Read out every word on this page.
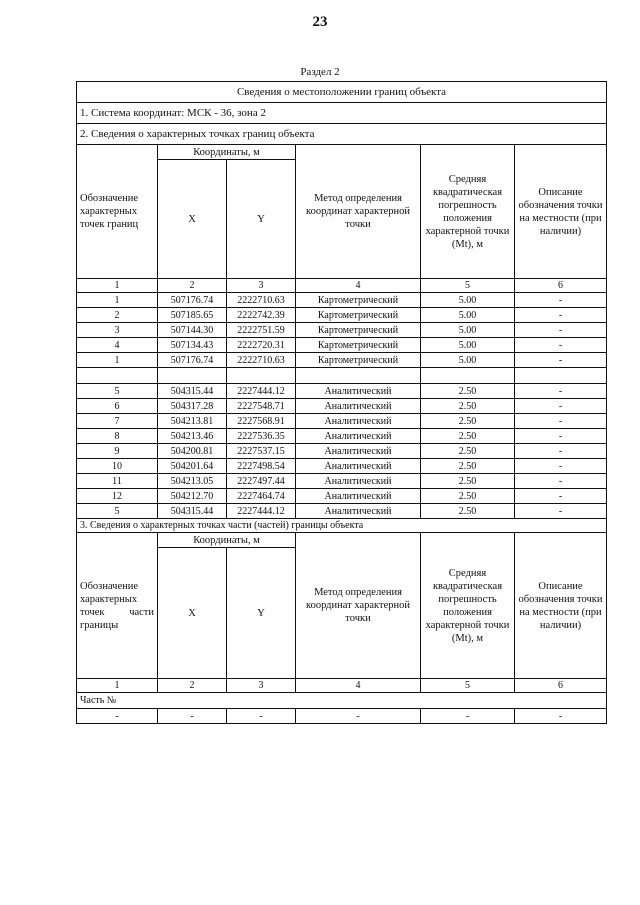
23
Раздел 2
Сведения о местоположении границ объекта					
1. Система координат: МСК - 36, зона 2					
2. Сведения о характерных точках границ объекта					
Обозначение характерных точек границ	Координаты, м		Метод определения координат характерной точки	Средняя квадратическая погрешность положения характерной точки (Mt), м	Описание обозначения точки на местности (при наличии)
	X	Y			
1	2	3	4	5	6
1	507176.74	2222710.63	Картометрический	5.00	-
2	507185.65	2222742.39	Картометрический	5.00	-
3	507144.30	2222751.59	Картометрический	5.00	-
4	507134.43	2222720.31	Картометрический	5.00	-
1	507176.74	2222710.63	Картометрический	5.00	-

5	504315.44	2227444.12	Аналитический	2.50	-
6	504317.28	2227548.71	Аналитический	2.50	-
7	504213.81	2227568.91	Аналитический	2.50	-
8	504213.46	2227536.35	Аналитический	2.50	-
9	504200.81	2227537.15	Аналитический	2.50	-
10	504201.64	2227498.54	Аналитический	2.50	-
11	504213.05	2227497.44	Аналитический	2.50	-
12	504212.70	2227464.74	Аналитический	2.50	-
5	504315.44	2227444.12	Аналитический	2.50	-
3. Сведения о характерных точках части (частей) границы объекта					
Обозначение характерных точек части границы	Координаты, м		Метод определения координат характерной точки	Средняя квадратическая погрешность положения характерной точки (Mt), м	Описание обозначения точки на местности (при наличии)
	X	Y			
1	2	3	4	5	6
Часть №					
-	-	-	-	-	-
